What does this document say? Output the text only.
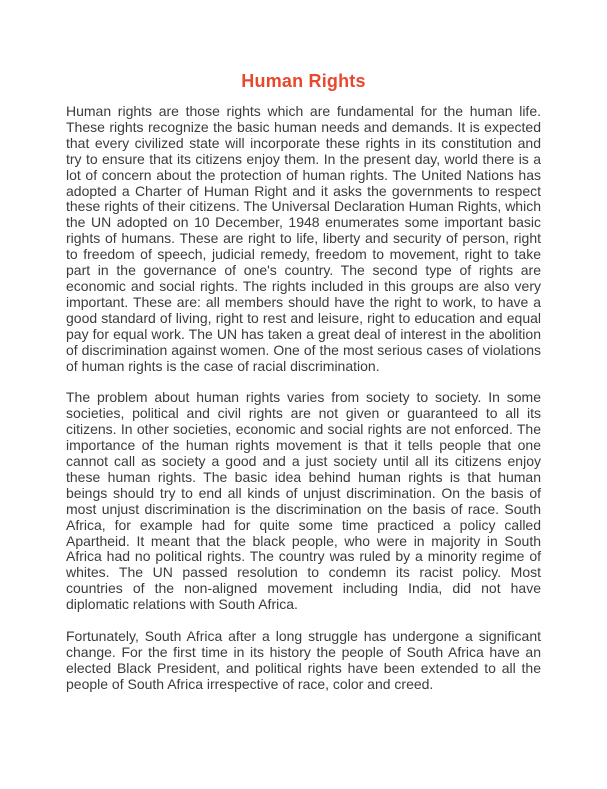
Human Rights

Human rights are those rights which are fundamental for the human life. These rights recognize the basic human needs and demands. It is expected that every civilized state will incorporate these rights in its constitution and try to ensure that its citizens enjoy them. In the present day, world there is a lot of concern about the protection of human rights. The United Nations has adopted a Charter of Human Right and it asks the governments to respect these rights of their citizens. The Universal Declaration Human Rights, which the UN adopted on 10 December, 1948 enumerates some important basic rights of humans. These are right to life, liberty and security of person, right to freedom of speech, judicial remedy, freedom to movement, right to take part in the governance of one's country. The second type of rights are economic and social rights. The rights included in this groups are also very important. These are: all members should have the right to work, to have a good standard of living, right to rest and leisure, right to education and equal pay for equal work. The UN has taken a great deal of interest in the abolition of discrimination against women. One of the most serious cases of violations of human rights is the case of racial discrimination.

The problem about human rights varies from society to society. In some societies, political and civil rights are not given or guaranteed to all its citizens. In other societies, economic and social rights are not enforced. The importance of the human rights movement is that it tells people that one cannot call as society a good and a just society until all its citizens enjoy these human rights. The basic idea behind human rights is that human beings should try to end all kinds of unjust discrimination. On the basis of most unjust discrimination is the discrimination on the basis of race. South Africa, for example had for quite some time practiced a policy called Apartheid. It meant that the black people, who were in majority in South Africa had no political rights. The country was ruled by a minority regime of whites. The UN passed resolution to condemn its racist policy. Most countries of the non-aligned movement including India, did not have diplomatic relations with South Africa.

Fortunately, South Africa after a long struggle has undergone a significant change. For the first time in its history the people of South Africa have an elected Black President, and political rights have been extended to all the people of South Africa irrespective of race, color and creed.
